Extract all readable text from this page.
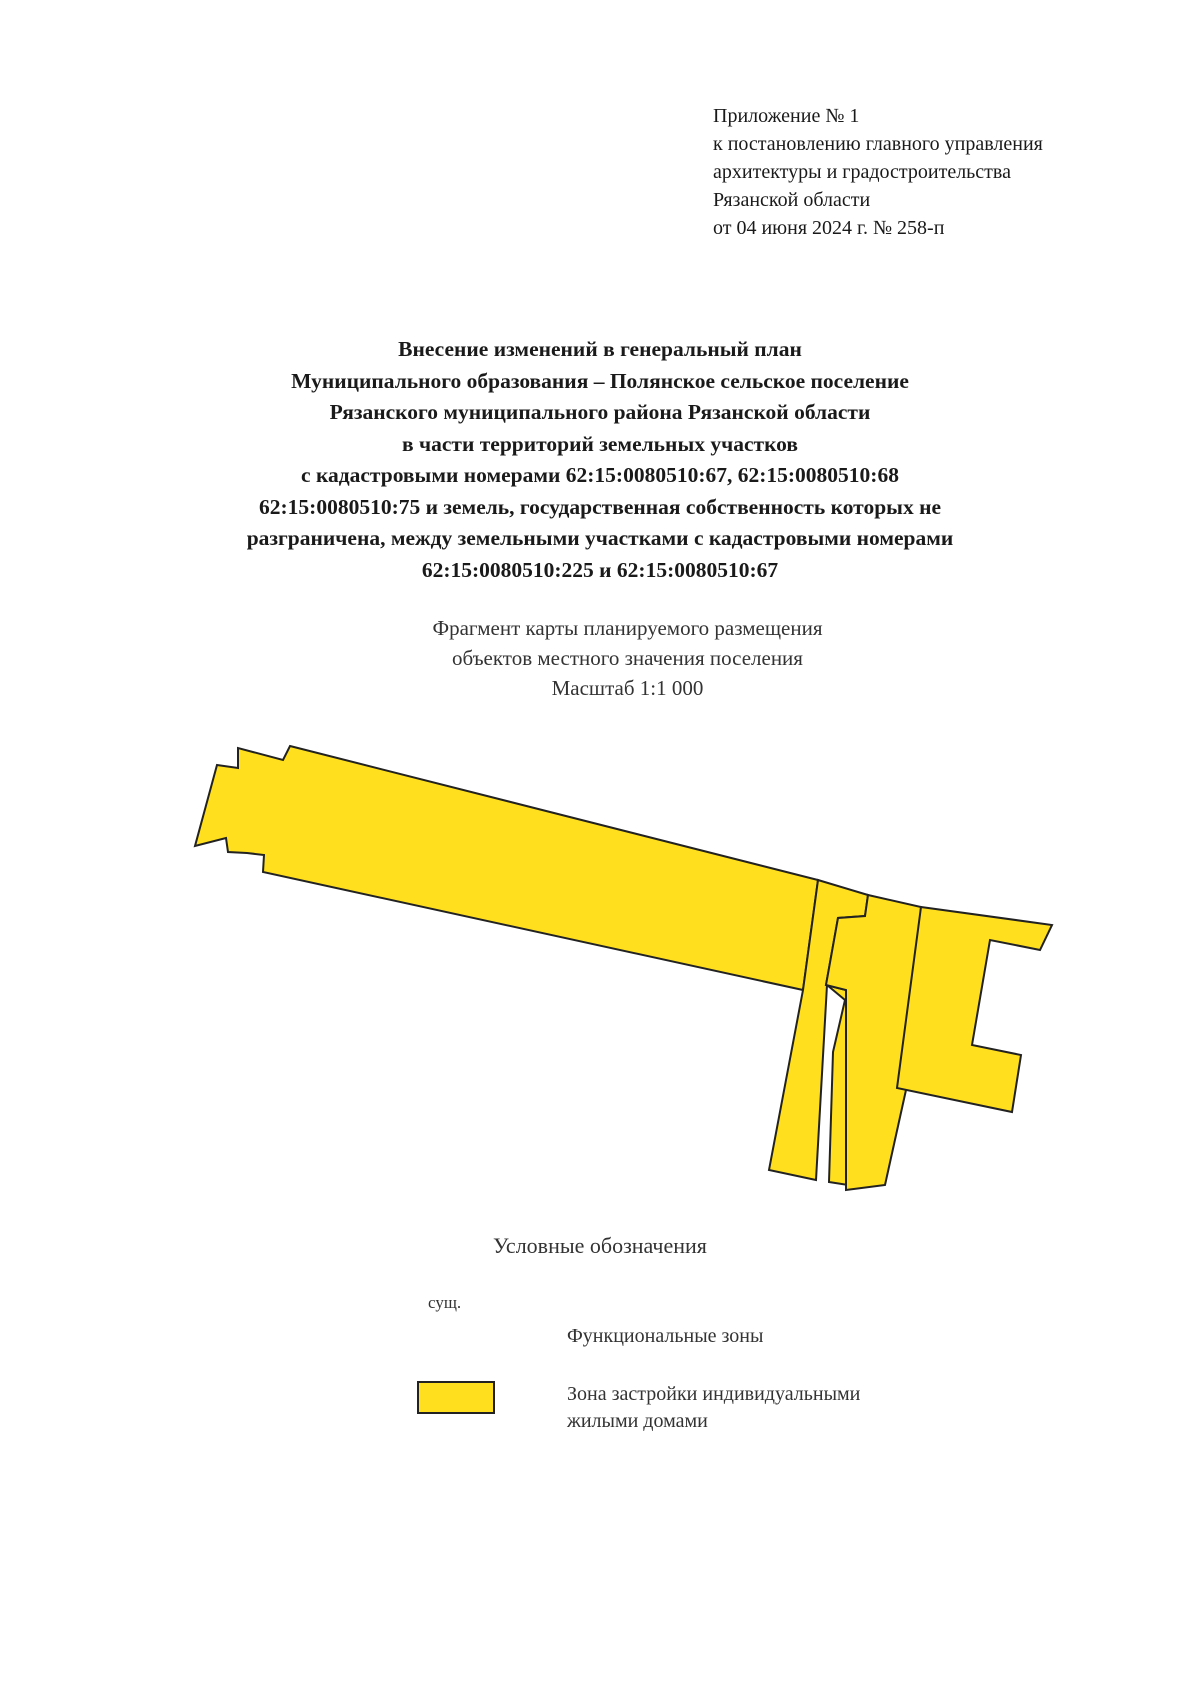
Приложение № 1
к постановлению главного управления
архитектуры и градостроительства
Рязанской области
от 04 июня 2024 г. № 258-п
Внесение изменений в генеральный план
Муниципального образования – Полянское сельское поселение
Рязанского муниципального района Рязанской области
в части территорий земельных участков
с кадастровыми номерами 62:15:0080510:67, 62:15:0080510:68
62:15:0080510:75 и земель, государственная собственность которых не
разграничена, между земельными участками с кадастровыми номерами
62:15:0080510:225 и 62:15:0080510:67
Фрагмент карты планируемого размещения
объектов местного значения поселения
Масштаб 1:1 000
Условные обозначения
сущ.
Функциональные зоны
Зона застройки индивидуальными
жилыми домами
